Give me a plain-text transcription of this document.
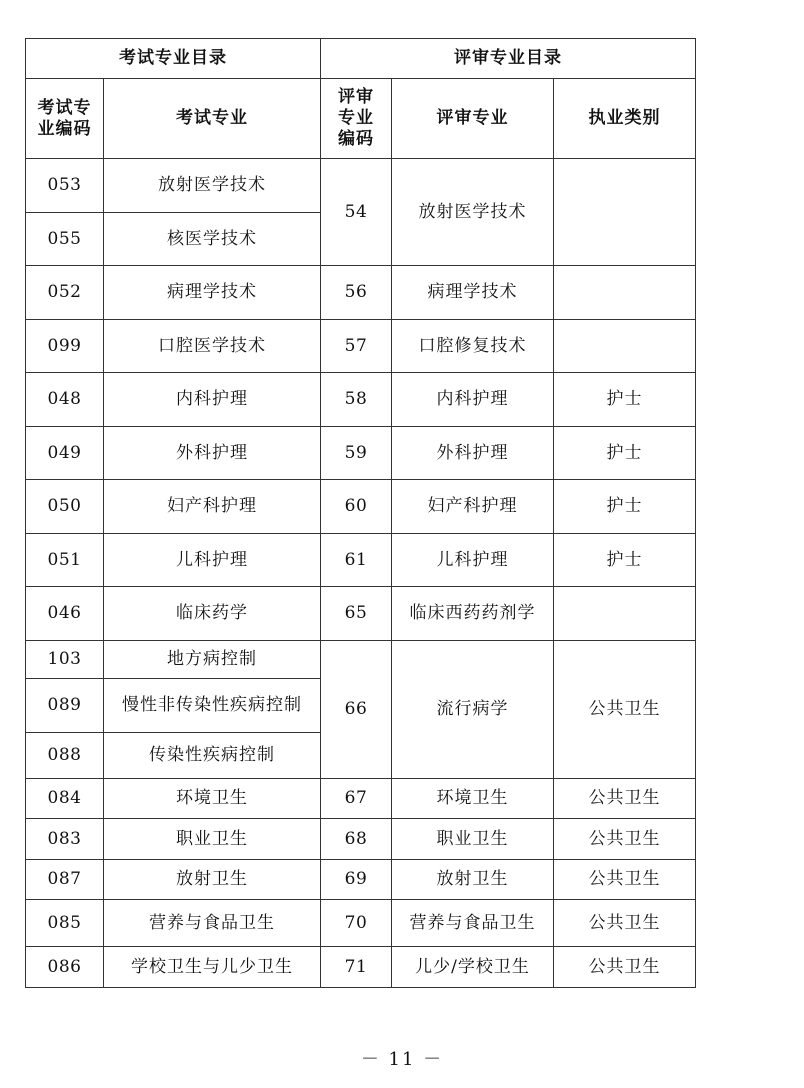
考试专业目录		评审专业目录		
考试专业编码	考试专业	评审专业编码	评审专业	执业类别
053	放射医学技术	54	放射医学技术	
055	核医学技术			
052	病理学技术	56	病理学技术	
099	口腔医学技术	57	口腔修复技术	
048	内科护理	58	内科护理	护士
049	外科护理	59	外科护理	护士
050	妇产科护理	60	妇产科护理	护士
051	儿科护理	61	儿科护理	护士
046	临床药学	65	临床西药药剂学	
103	地方病控制	66	流行病学	公共卫生
089	慢性非传染性疾病控制			
088	传染性疾病控制			
084	环境卫生	67	环境卫生	公共卫生
083	职业卫生	68	职业卫生	公共卫生
087	放射卫生	69	放射卫生	公共卫生
085	营养与食品卫生	70	营养与食品卫生	公共卫生
086	学校卫生与儿少卫生	71	儿少/学校卫生	公共卫生
－ 11 －
